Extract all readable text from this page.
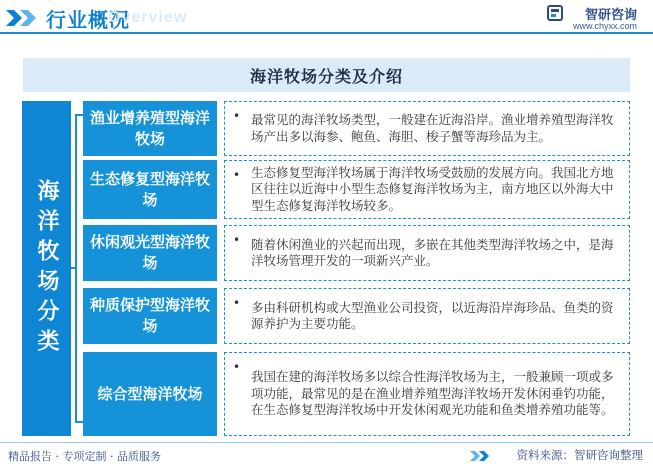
行业概况
Overview	智研咨询
www.chyxx.com
海洋牧场分类及介绍
海洋牧场分类
渔业增养殖型海洋牧场
• 最常见的海洋牧场类型，一般建在近海沿岸。渔业增养殖型海洋牧场产出多以海参、鲍鱼、海胆、梭子蟹等海珍品为主。
生态修复型海洋牧场
• 生态修复型海洋牧场属于海洋牧场受鼓励的发展方向。我国北方地区往往以近海中小型生态修复海洋牧场为主，南方地区以外海大中型生态修复海洋牧场较多。
休闲观光型海洋牧场
• 随着休闲渔业的兴起而出现，多嵌在其他类型海洋牧场之中，是海洋牧场管理开发的一项新兴产业。
种质保护型海洋牧场
• 多由科研机构或大型渔业公司投资，以近海沿岸海珍品、鱼类的资源养护为主要功能。
综合型海洋牧场
•
我国在建的海洋牧场多以综合性海洋牧场为主，一般兼顾一项或多项功能，最常见的是在渔业增养殖型海洋牧场开发休闲垂钓功能，在生态修复型海洋牧场中开发休闲观光功能和鱼类增养殖功能等。
精品报告 · 专项定制 · 品质服务	资料来源：智研咨询整理
